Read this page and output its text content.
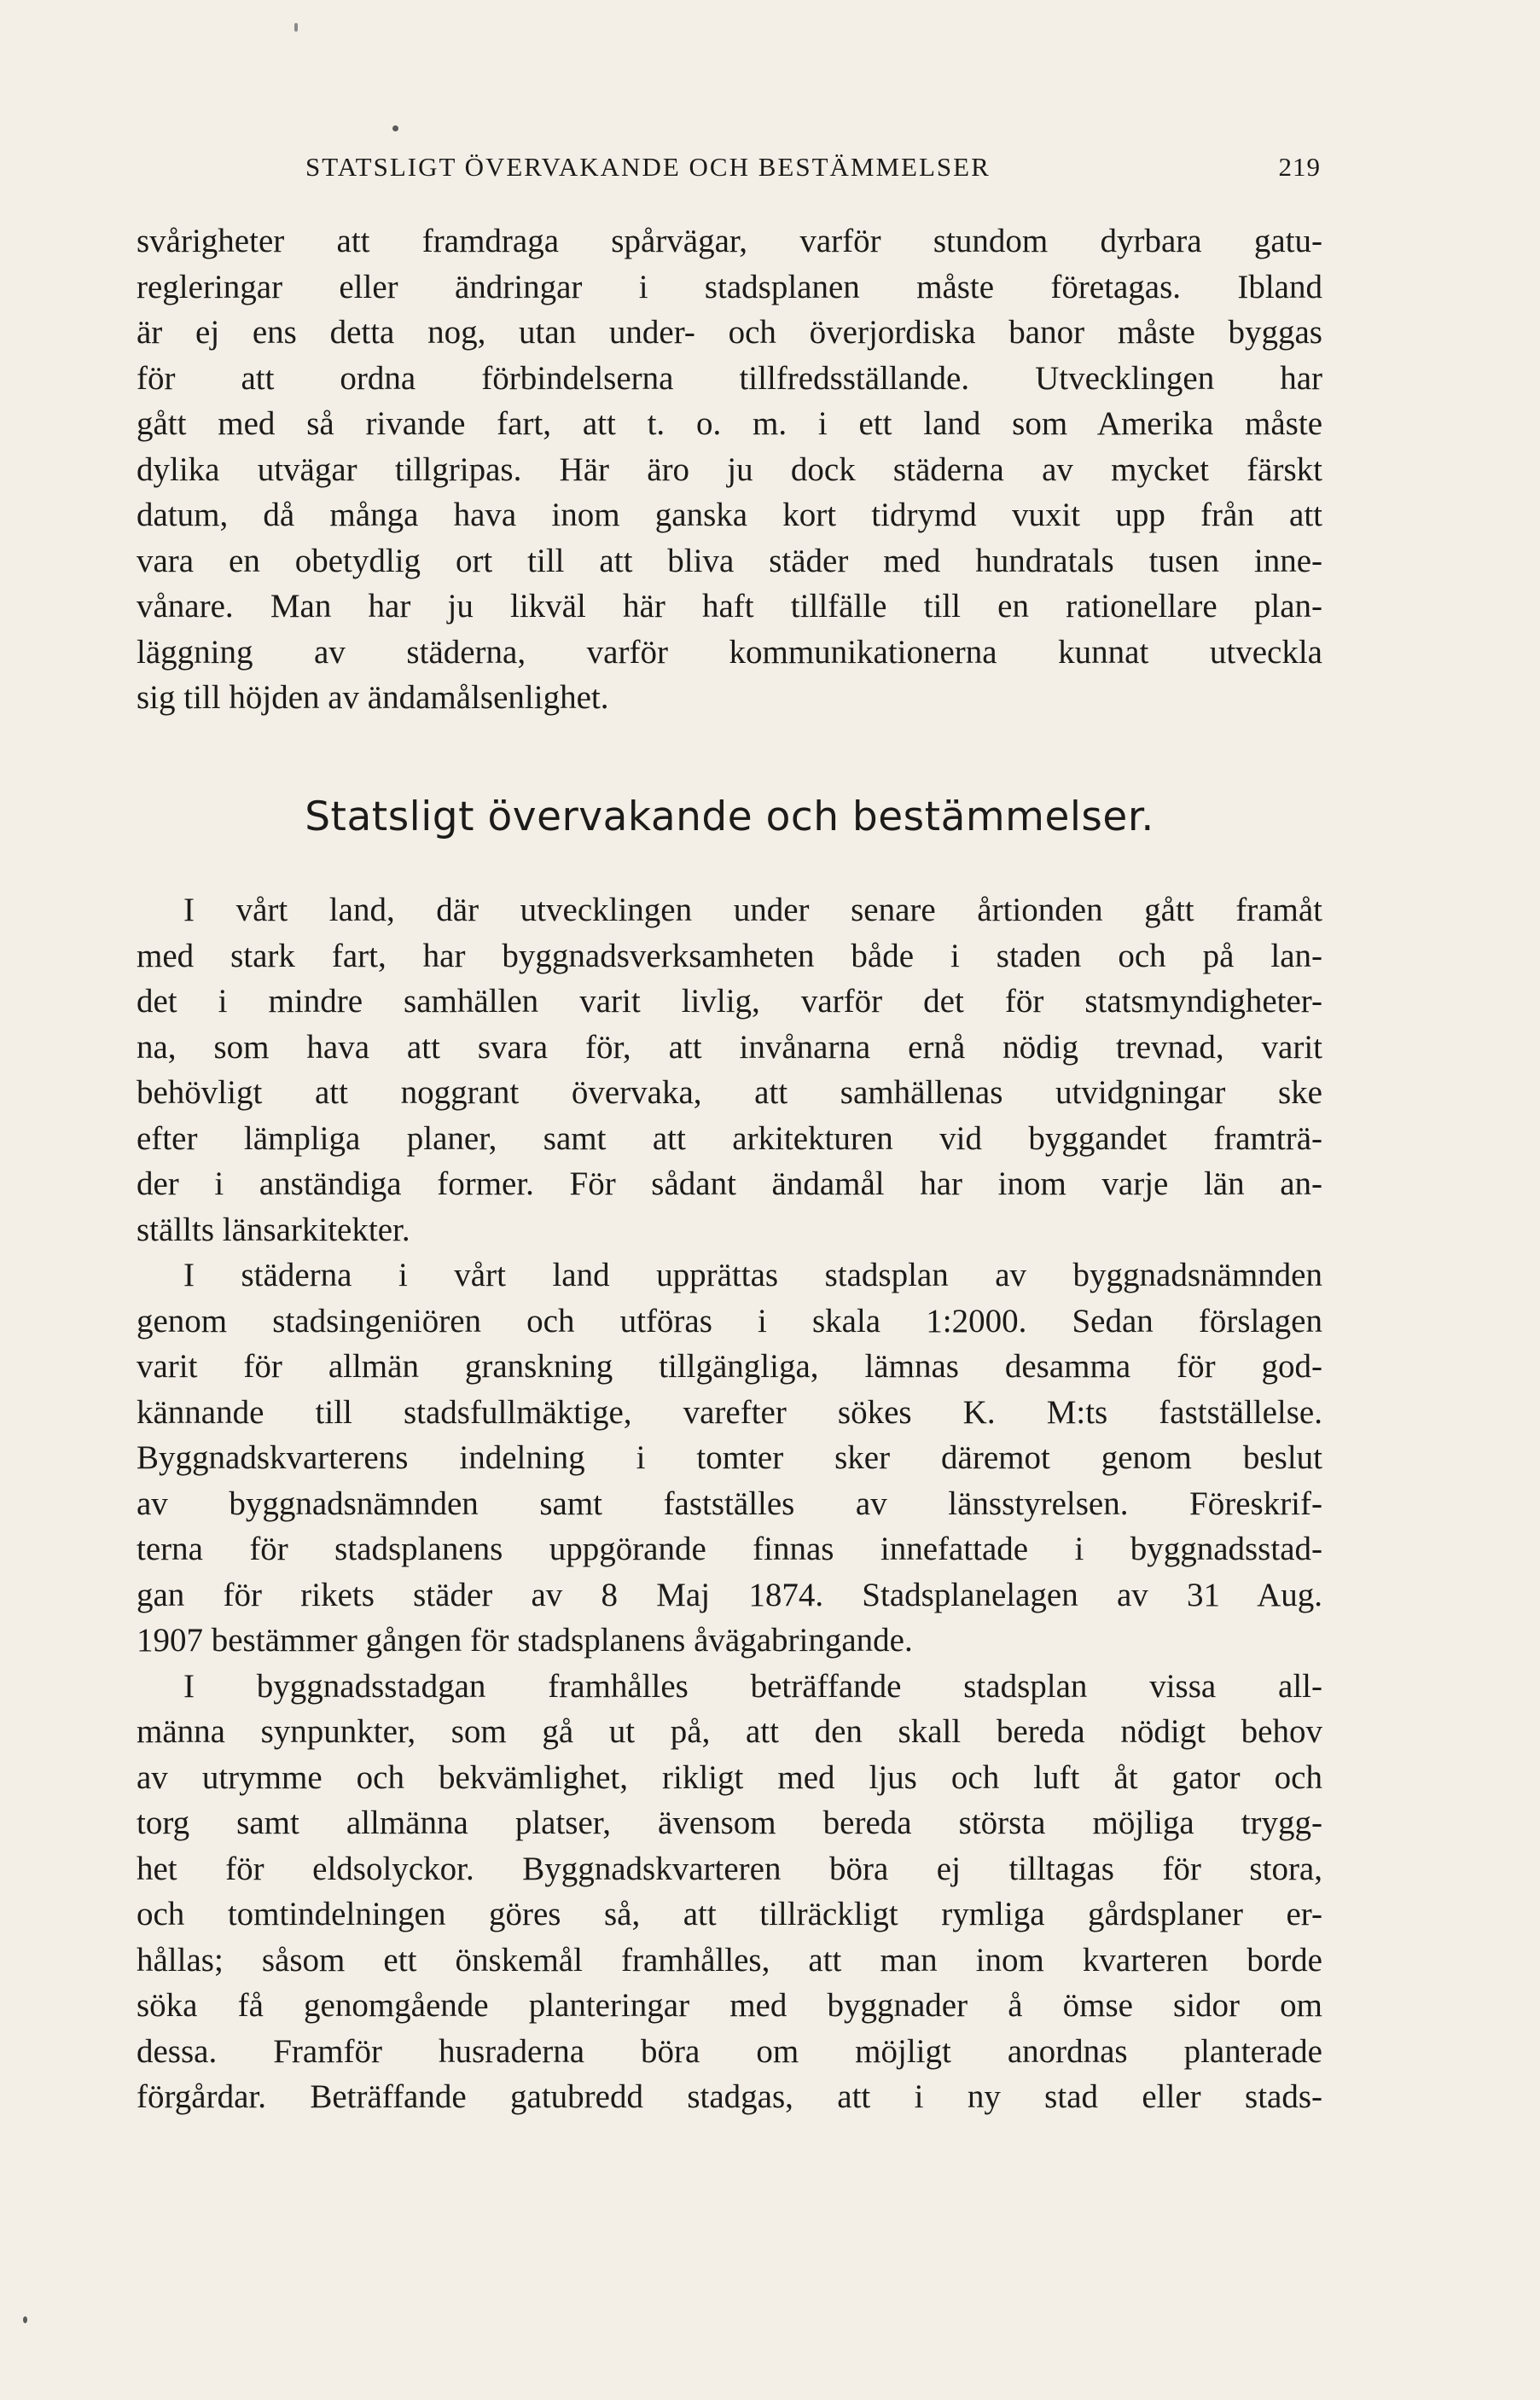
STATSLIGT ÖVERVAKANDE OCH BESTÄMMELSER	219
svårigheter att framdraga spårvägar, varför stundom dyrbara gatu-
regleringar eller ändringar i stadsplanen måste företagas. Ibland
är ej ens detta nog, utan under- och överjordiska banor måste byggas
för att ordna förbindelserna tillfredsställande. Utvecklingen har
gått med så rivande fart, att t. o. m. i ett land som Amerika måste
dylika utvägar tillgripas. Här äro ju dock städerna av mycket färskt
datum, då många hava inom ganska kort tidrymd vuxit upp från att
vara en obetydlig ort till att bliva städer med hundratals tusen inne-
vånare. Man har ju likväl här haft tillfälle till en rationellare plan-
läggning av städerna, varför kommunikationerna kunnat utveckla
sig till höjden av ändamålsenlighet.
Statsligt övervakande och bestämmelser.
I vårt land, där utvecklingen under senare årtionden gått framåt
med stark fart, har byggnadsverksamheten både i staden och på lan-
det i mindre samhällen varit livlig, varför det för statsmyndigheter-
na, som hava att svara för, att invånarna ernå nödig trevnad, varit
behövligt att noggrant övervaka, att samhällenas utvidgningar ske
efter lämpliga planer, samt att arkitekturen vid byggandet framträ-
der i anständiga former. För sådant ändamål har inom varje län an-
ställts länsarkitekter.
I städerna i vårt land upprättas stadsplan av byggnadsnämnden
genom stadsingeniören och utföras i skala 1:2000. Sedan förslagen
varit för allmän granskning tillgängliga, lämnas desamma för god-
kännande till stadsfullmäktige, varefter sökes K. M:ts fastställelse.
Byggnadskvarterens indelning i tomter sker däremot genom beslut
av byggnadsnämnden samt fastställes av länsstyrelsen. Föreskrif-
terna för stadsplanens uppgörande finnas innefattade i byggnadsstad-
gan för rikets städer av 8 Maj 1874. Stadsplanelagen av 31 Aug.
1907 bestämmer gången för stadsplanens åvägabringande.
I byggnadsstadgan framhålles beträffande stadsplan vissa all-
männa synpunkter, som gå ut på, att den skall bereda nödigt behov
av utrymme och bekvämlighet, rikligt med ljus och luft åt gator och
torg samt allmänna platser, ävensom bereda största möjliga trygg-
het för eldsolyckor. Byggnadskvarteren böra ej tilltagas för stora,
och tomtindelningen göres så, att tillräckligt rymliga gårdsplaner er-
hållas; såsom ett önskemål framhålles, att man inom kvarteren borde
söka få genomgående planteringar med byggnader å ömse sidor om
dessa. Framför husraderna böra om möjligt anordnas planterade
förgårdar. Beträffande gatubredd stadgas, att i ny stad eller stads-
